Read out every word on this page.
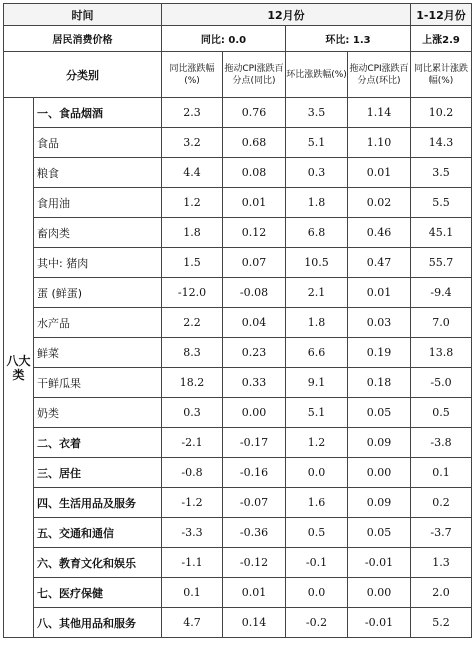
时间		12月份				1-12月份
居民消费价格		同比: 0.0		环比: 1.3		上涨2.9
分类别		同比涨跌幅(%)	拖动CPI涨跌百分点(同比)	环比涨跌幅(%)	拖动CPI涨跌百分点(环比)	同比累计涨跌幅(%)
八大类	一、食品烟酒	2.3	0.76	3.5	1.14	10.2
	食品	3.2	0.68	5.1	1.10	14.3
	粮食	4.4	0.08	0.3	0.01	3.5
	食用油	1.2	0.01	1.8	0.02	5.5
	畜肉类	1.8	0.12	6.8	0.46	45.1
	其中: 猪肉	1.5	0.07	10.5	0.47	55.7
	蛋 (鲜蛋)	-12.0	-0.08	2.1	0.01	-9.4
	水产品	2.2	0.04	1.8	0.03	7.0
	鲜菜	8.3	0.23	6.6	0.19	13.8
	干鲜瓜果	18.2	0.33	9.1	0.18	-5.0
	奶类	0.3	0.00	5.1	0.05	0.5
	二、衣着	-2.1	-0.17	1.2	0.09	-3.8
	三、居住	-0.8	-0.16	0.0	0.00	0.1
	四、生活用品及服务	-1.2	-0.07	1.6	0.09	0.2
	五、交通和通信	-3.3	-0.36	0.5	0.05	-3.7
	六、教育文化和娱乐	-1.1	-0.12	-0.1	-0.01	1.3
	七、医疗保健	0.1	0.01	0.0	0.00	2.0
	八、其他用品和服务	4.7	0.14	-0.2	-0.01	5.2
